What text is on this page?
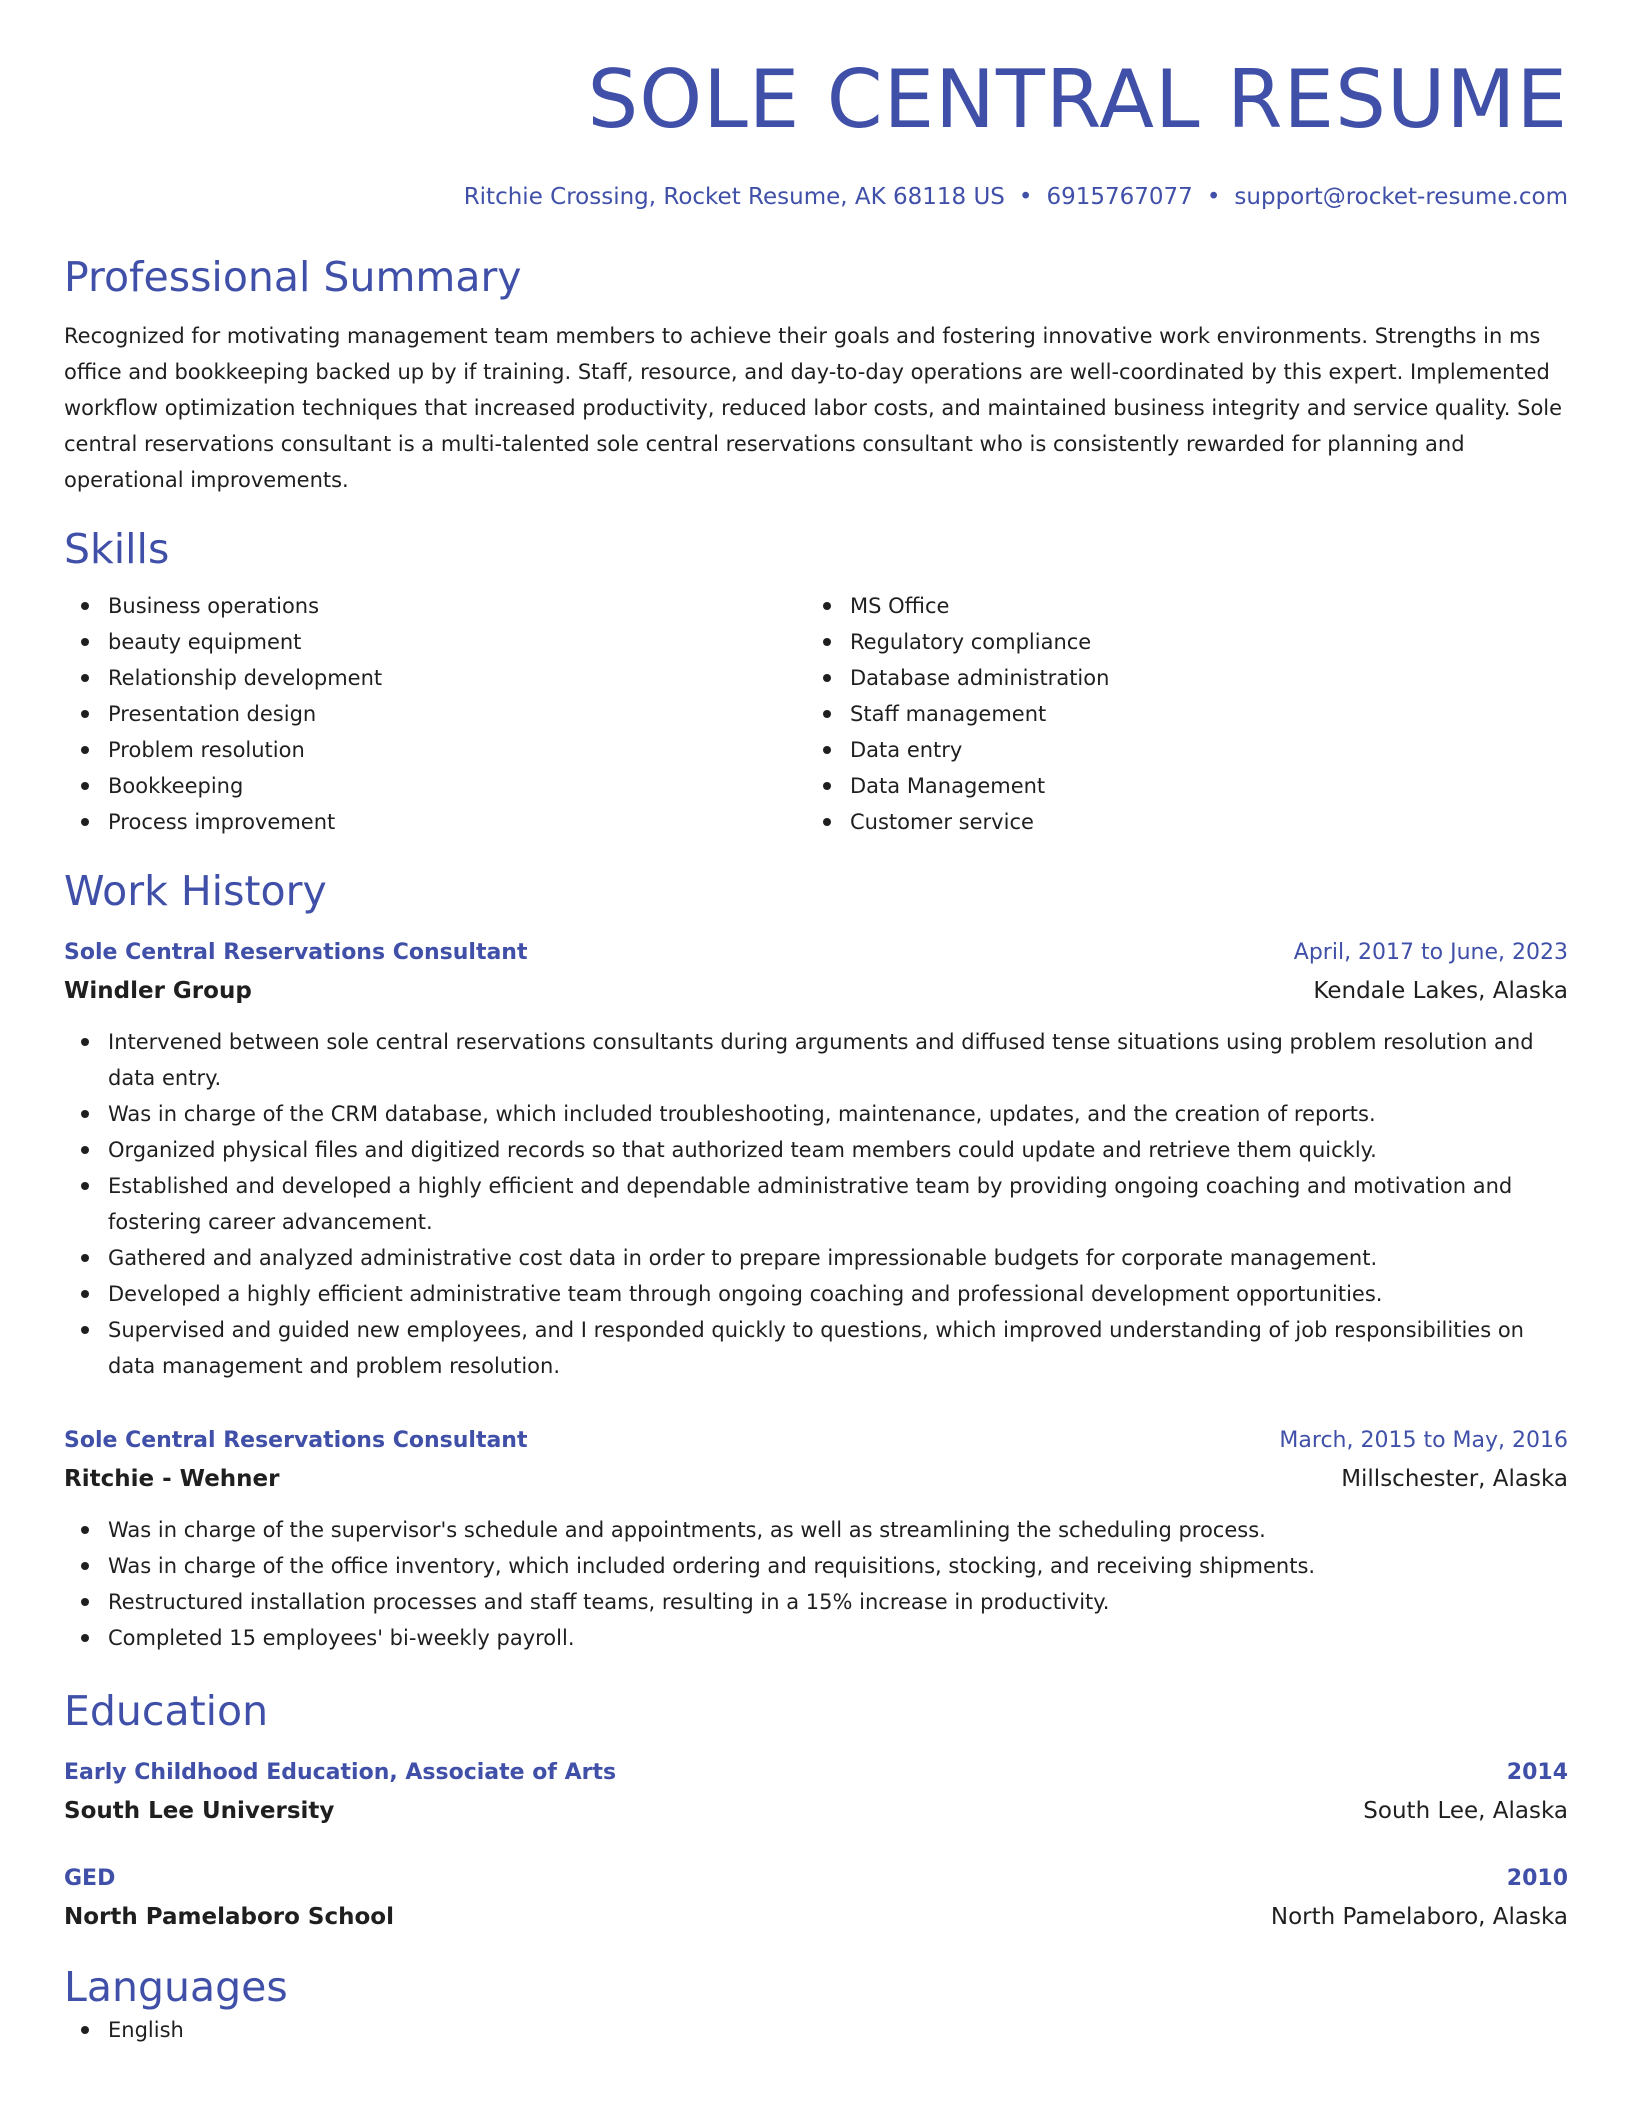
SOLE CENTRAL RESUME
Ritchie Crossing, Rocket Resume, AK 68118 US • 6915767077 • support@rocket-resume.com
Professional Summary

Recognized for motivating management team members to achieve their goals and fostering innovative work environments. Strengths in ms office and bookkeeping backed up by if training. Staff, resource, and day-to-day operations are well-coordinated by this expert. Implemented workflow optimization techniques that increased productivity, reduced labor costs, and maintained business integrity and service quality. Sole central reservations consultant is a multi-talented sole central reservations consultant who is consistently rewarded for planning and operational improvements.

Skills
Business operations
beauty equipment
Relationship development
Presentation design
Problem resolution
Bookkeeping
Process improvement
MS Office
Regulatory compliance
Database administration
Staff management
Data entry
Data Management
Customer service
Work History
Sole Central Reservations Consultant	April, 2017 to June, 2023
Windler Group	Kendale Lakes, Alaska
Intervened between sole central reservations consultants during arguments and diffused tense situations using problem resolution and data entry.
Was in charge of the CRM database, which included troubleshooting, maintenance, updates, and the creation of reports.
Organized physical files and digitized records so that authorized team members could update and retrieve them quickly.
Established and developed a highly efficient and dependable administrative team by providing ongoing coaching and motivation and fostering career advancement.
Gathered and analyzed administrative cost data in order to prepare impressionable budgets for corporate management.
Developed a highly efficient administrative team through ongoing coaching and professional development opportunities.
Supervised and guided new employees, and I responded quickly to questions, which improved understanding of job responsibilities on data management and problem resolution.
Sole Central Reservations Consultant	March, 2015 to May, 2016
Ritchie - Wehner	Millschester, Alaska
Was in charge of the supervisor's schedule and appointments, as well as streamlining the scheduling process.
Was in charge of the office inventory, which included ordering and requisitions, stocking, and receiving shipments.
Restructured installation processes and staff teams, resulting in a 15% increase in productivity.
Completed 15 employees' bi-weekly payroll.
Education
Early Childhood Education, Associate of Arts	2014
South Lee University	South Lee, Alaska
GED	2010
North Pamelaboro School	North Pamelaboro, Alaska
Languages
English
